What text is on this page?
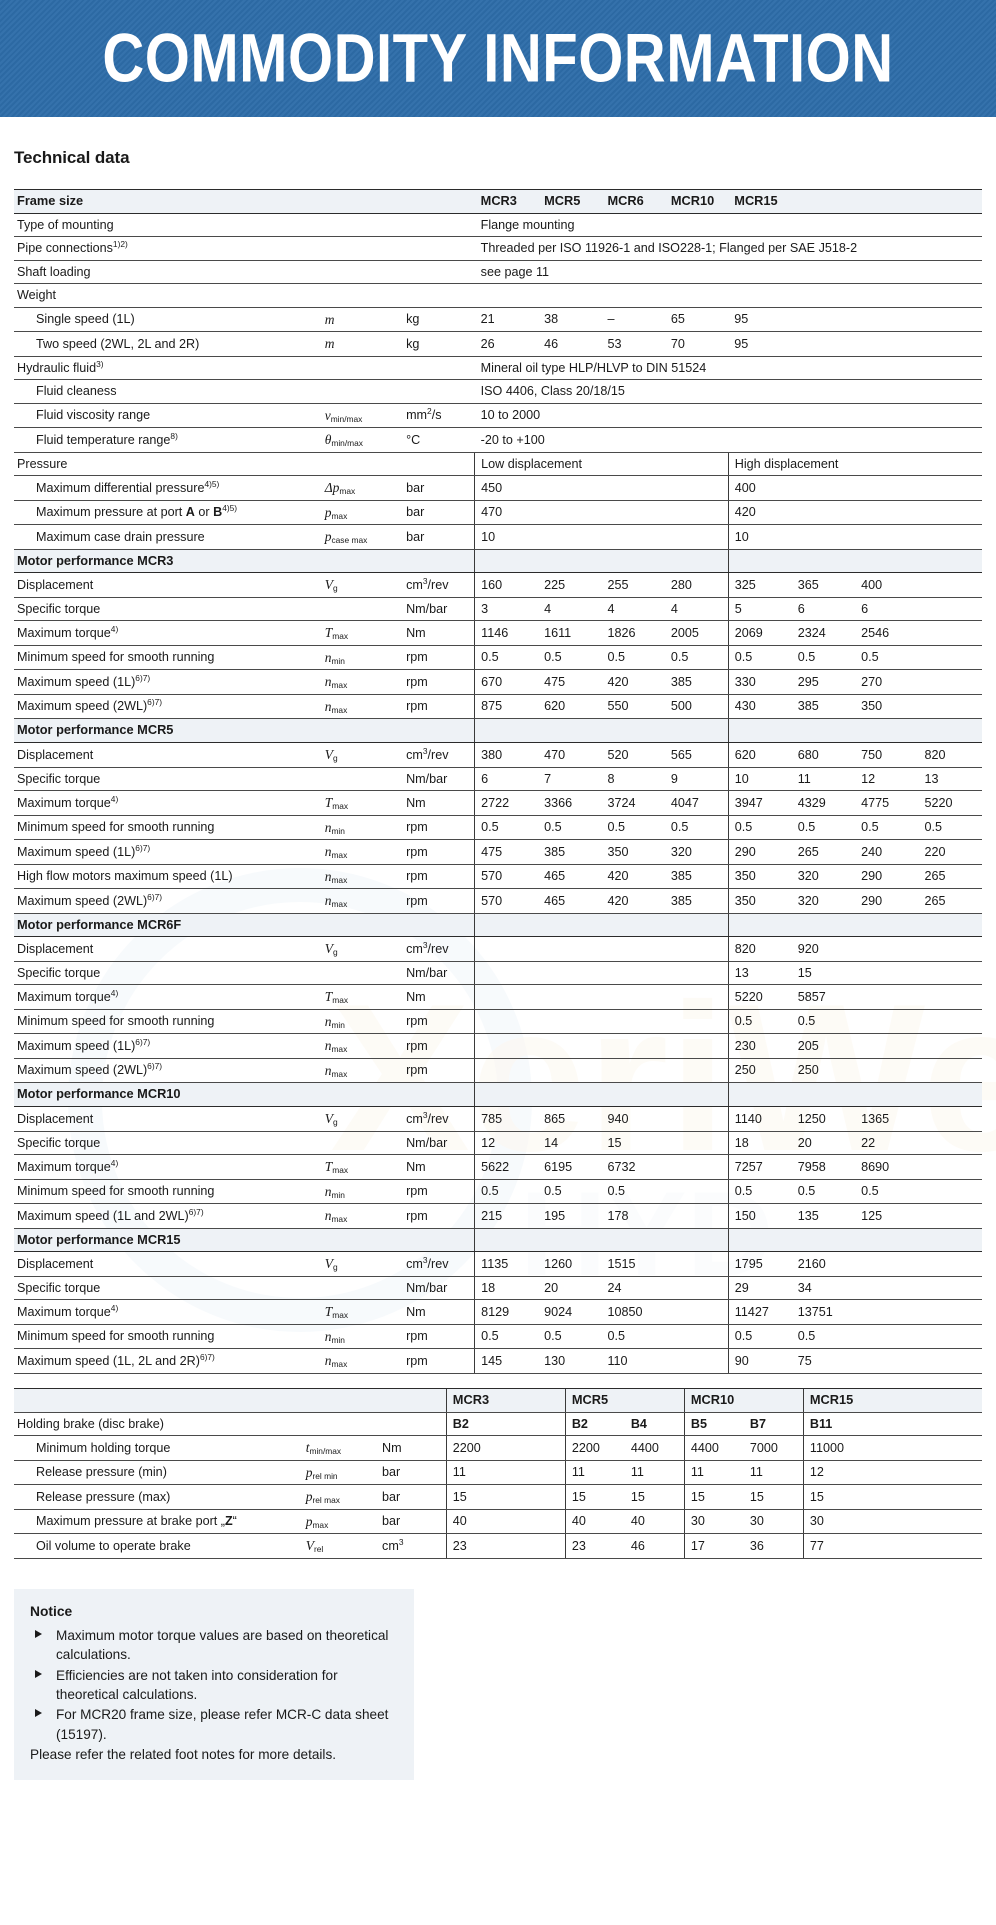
COMMODITY INFORMATION
Technical data
Frame size			MCR3	MCR5	MCR6	MCR10	MCR15			
Type of mounting			Flange mounting							
Pipe connections$^{1)2)}$			Threaded per ISO 11926-1 and ISO228-1; Flanged per SAE J518-2							
Shaft loading			see page 11							
Weight										
Single speed (1L)	m	kg	21	38	–	65	95			
Two speed (2WL, 2L and 2R)	m	kg	26	46	53	70	95			
Hydraulic fluid$^{3)}$			Mineral oil type HLP/HLVP to DIN 51524							
Fluid cleaness			ISO 4406, Class 20/18/15							
Fluid viscosity range	$v_{min/max}$	$mm^2/s$	10 to 2000							
Fluid temperature range$^{8)}$	$\theta_{min/max}$	°C	-20 to +100							
Pressure			Low displacement				High displacement			
Maximum differential pressure$^{4)5)}$	$\Delta p_{max}$	bar	450				400			
Maximum pressure at port A or $B^{4)5)}$	$p_{max}$	bar	470				420			
Maximum case drain pressure	$p_{case max}$	bar	10				10			
Motor performance MCR3										
Displacement	$V_g$	$cm^3$/rev	160	225	255	280	325	365	400	
Specific torque		Nm/bar	3	4	4	4	5	6	6	
Maximum torque$^{4)}$	$T_{max}$	Nm	1146	1611	1826	2005	2069	2324	2546	
Minimum speed for smooth running	$n_{min}$	rpm	0.5	0.5	0.5	0.5	0.5	0.5	0.5	
Maximum speed $(1L)^{6)7)}$	$n_{max}$	rpm	670	475	420	385	330	295	270	
Maximum speed $(2WL)^{6)7)}$	$n_{max}$	rpm	875	620	550	500	430	385	350	
Motor performance MCR5										
Displacement	$V_g$	$cm^3$/rev	380	470	520	565	620	680	750	820
Specific torque		Nm/bar	6	7	8	9	10	11	12	13
Maximum torque$^{4)}$	$T_{max}$	Nm	2722	3366	3724	4047	3947	4329	4775	5220
Minimum speed for smooth running	$n_{min}$	rpm	0.5	0.5	0.5	0.5	0.5	0.5	0.5	0.5
Maximum speed $(1L)^{6)7)}$	$n_{max}$	rpm	475	385	350	320	290	265	240	220
High flow motors maximum speed (1L)	$n_{max}$	rpm	570	465	420	385	350	320	290	265
Maximum speed $(2WL)^{6)7)}$	$n_{max}$	rpm	570	465	420	385	350	320	290	265
Motor performance MCR6F										
Displacement	$V_g$	$cm^3$/rev					820	920		
Specific torque		Nm/bar					13	15		
Maximum torque$^{4)}$	$T_{max}$	Nm					5220	5857		
Minimum speed for smooth running	$n_{min}$	rpm					0.5	0.5		
Maximum speed $(1L)^{6)7)}$	$n_{max}$	rpm					230	205		
Maximum speed $(2WL)^{6)7)}$	$n_{max}$	rpm					250	250		
Motor performance MCR10										
Displacement	$V_g$	$cm^3$/rev	785	865	940		1140	1250	1365	
Specific torque		Nm/bar	12	14	15		18	20	22	
Maximum torque$^{4)}$	$T_{max}$	Nm	5622	6195	6732		7257	7958	8690	
Minimum speed for smooth running	$n_{min}$	rpm	0.5	0.5	0.5		0.5	0.5	0.5	
Maximum speed (1L and 2WL)$^{6)7)}$	$n_{max}$	rpm	215	195	178		150	135	125	
Motor performance MCR15										
Displacement	$V_g$	$cm^3$/rev	1135	1260	1515		1795	2160		
Specific torque		Nm/bar	18	20	24		29	34		
Maximum torque$^{4)}$	$T_{max}$	Nm	8129	9024	10850		11427	13751		
Minimum speed for smooth running	$n_{min}$	rpm	0.5	0.5	0.5		0.5	0.5		
Maximum speed (1L, 2L and 2R)$^{6)7)}$	$n_{max}$	rpm	145	130	110		90	75		
			MCR3	MCR5		MCR10		MCR15
Holding brake (disc brake)			B2	B2	B4	B5	B7	B11
Minimum holding torque	$t_{min/max}$	Nm	2200	2200	4400	4400	7000	11000
Release pressure (min)	$p_{rel min}$	bar	11	11	11	11	11	12
Release pressure (max)	$p_{rel max}$	bar	15	15	15	15	15	15
Maximum pressure at brake port „Z“	$p_{max}$	bar	40	40	40	30	30	30
Oil volume to operate brake	$V_{rel}$	$cm^3$	23	23	46	17	36	77

Notice
Maximum motor torque values are based on theoretical calculations.
Efficiencies are not taken into consideration for theoretical calculations.
For MCR20 frame size, please refer MCR-C data sheet (15197).

Please refer the related foot notes for more details.
